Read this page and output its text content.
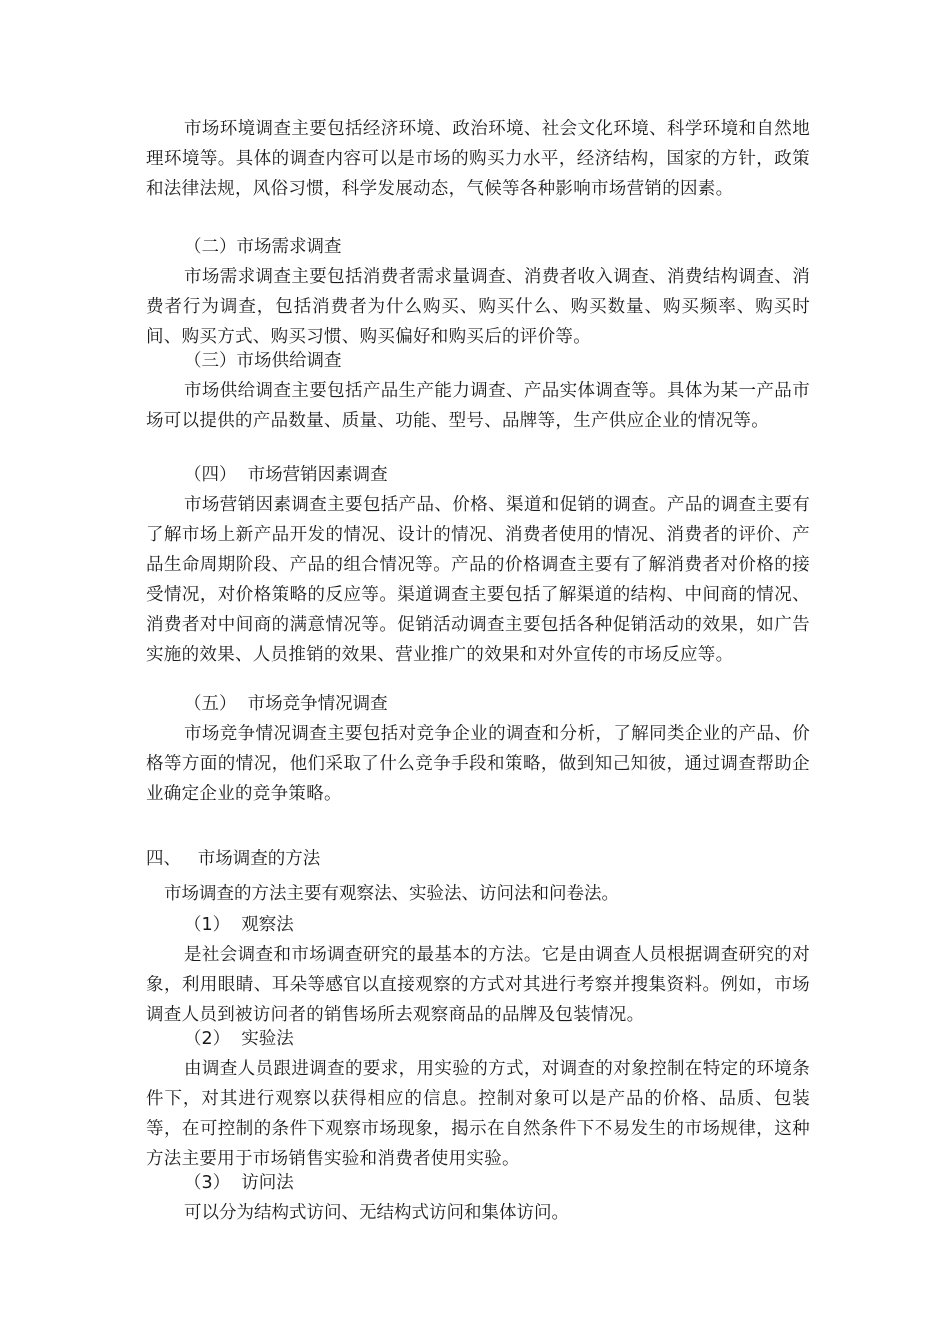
市场环境调查主要包括经济环境、政治环境、社会文化环境、科学环境和自然地理环境等。具体的调查内容可以是市场的购买力水平，经济结构，国家的方针，政策和法律法规，风俗习惯，科学发展动态，气候等各种影响市场营销的因素。

（二）市场需求调查

市场需求调查主要包括消费者需求量调查、消费者收入调查、消费结构调查、消费者行为调查，包括消费者为什么购买、购买什么、购买数量、购买频率、购买时间、购买方式、购买习惯、购买偏好和购买后的评价等。

（三）市场供给调查

市场供给调查主要包括产品生产能力调查、产品实体调查等。具体为某一产品市场可以提供的产品数量、质量、功能、型号、品牌等，生产供应企业的情况等。

（四）  市场营销因素调查

市场营销因素调查主要包括产品、价格、渠道和促销的调查。产品的调查主要有了解市场上新产品开发的情况、设计的情况、消费者使用的情况、消费者的评价、产品生命周期阶段、产品的组合情况等。产品的价格调查主要有了解消费者对价格的接受情况，对价格策略的反应等。渠道调查主要包括了解渠道的结构、中间商的情况、消费者对中间商的满意情况等。促销活动调查主要包括各种促销活动的效果，如广告实施的效果、人员推销的效果、营业推广的效果和对外宣传的市场反应等。

（五）  市场竞争情况调查

市场竞争情况调查主要包括对竞争企业的调查和分析，了解同类企业的产品、价格等方面的情况，他们采取了什么竞争手段和策略，做到知己知彼，通过调查帮助企业确定企业的竞争策略。

四、   市场调查的方法

市场调查的方法主要有观察法、实验法、访问法和问卷法。

（1）  观察法

是社会调查和市场调查研究的最基本的方法。它是由调查人员根据调查研究的对象，利用眼睛、耳朵等感官以直接观察的方式对其进行考察并搜集资料。例如，市场调查人员到被访问者的销售场所去观察商品的品牌及包装情况。

（2）  实验法

由调查人员跟进调查的要求，用实验的方式，对调查的对象控制在特定的环境条件下，对其进行观察以获得相应的信息。控制对象可以是产品的价格、品质、包装等，在可控制的条件下观察市场现象，揭示在自然条件下不易发生的市场规律，这种方法主要用于市场销售实验和消费者使用实验。

（3）  访问法

可以分为结构式访问、无结构式访问和集体访问。
